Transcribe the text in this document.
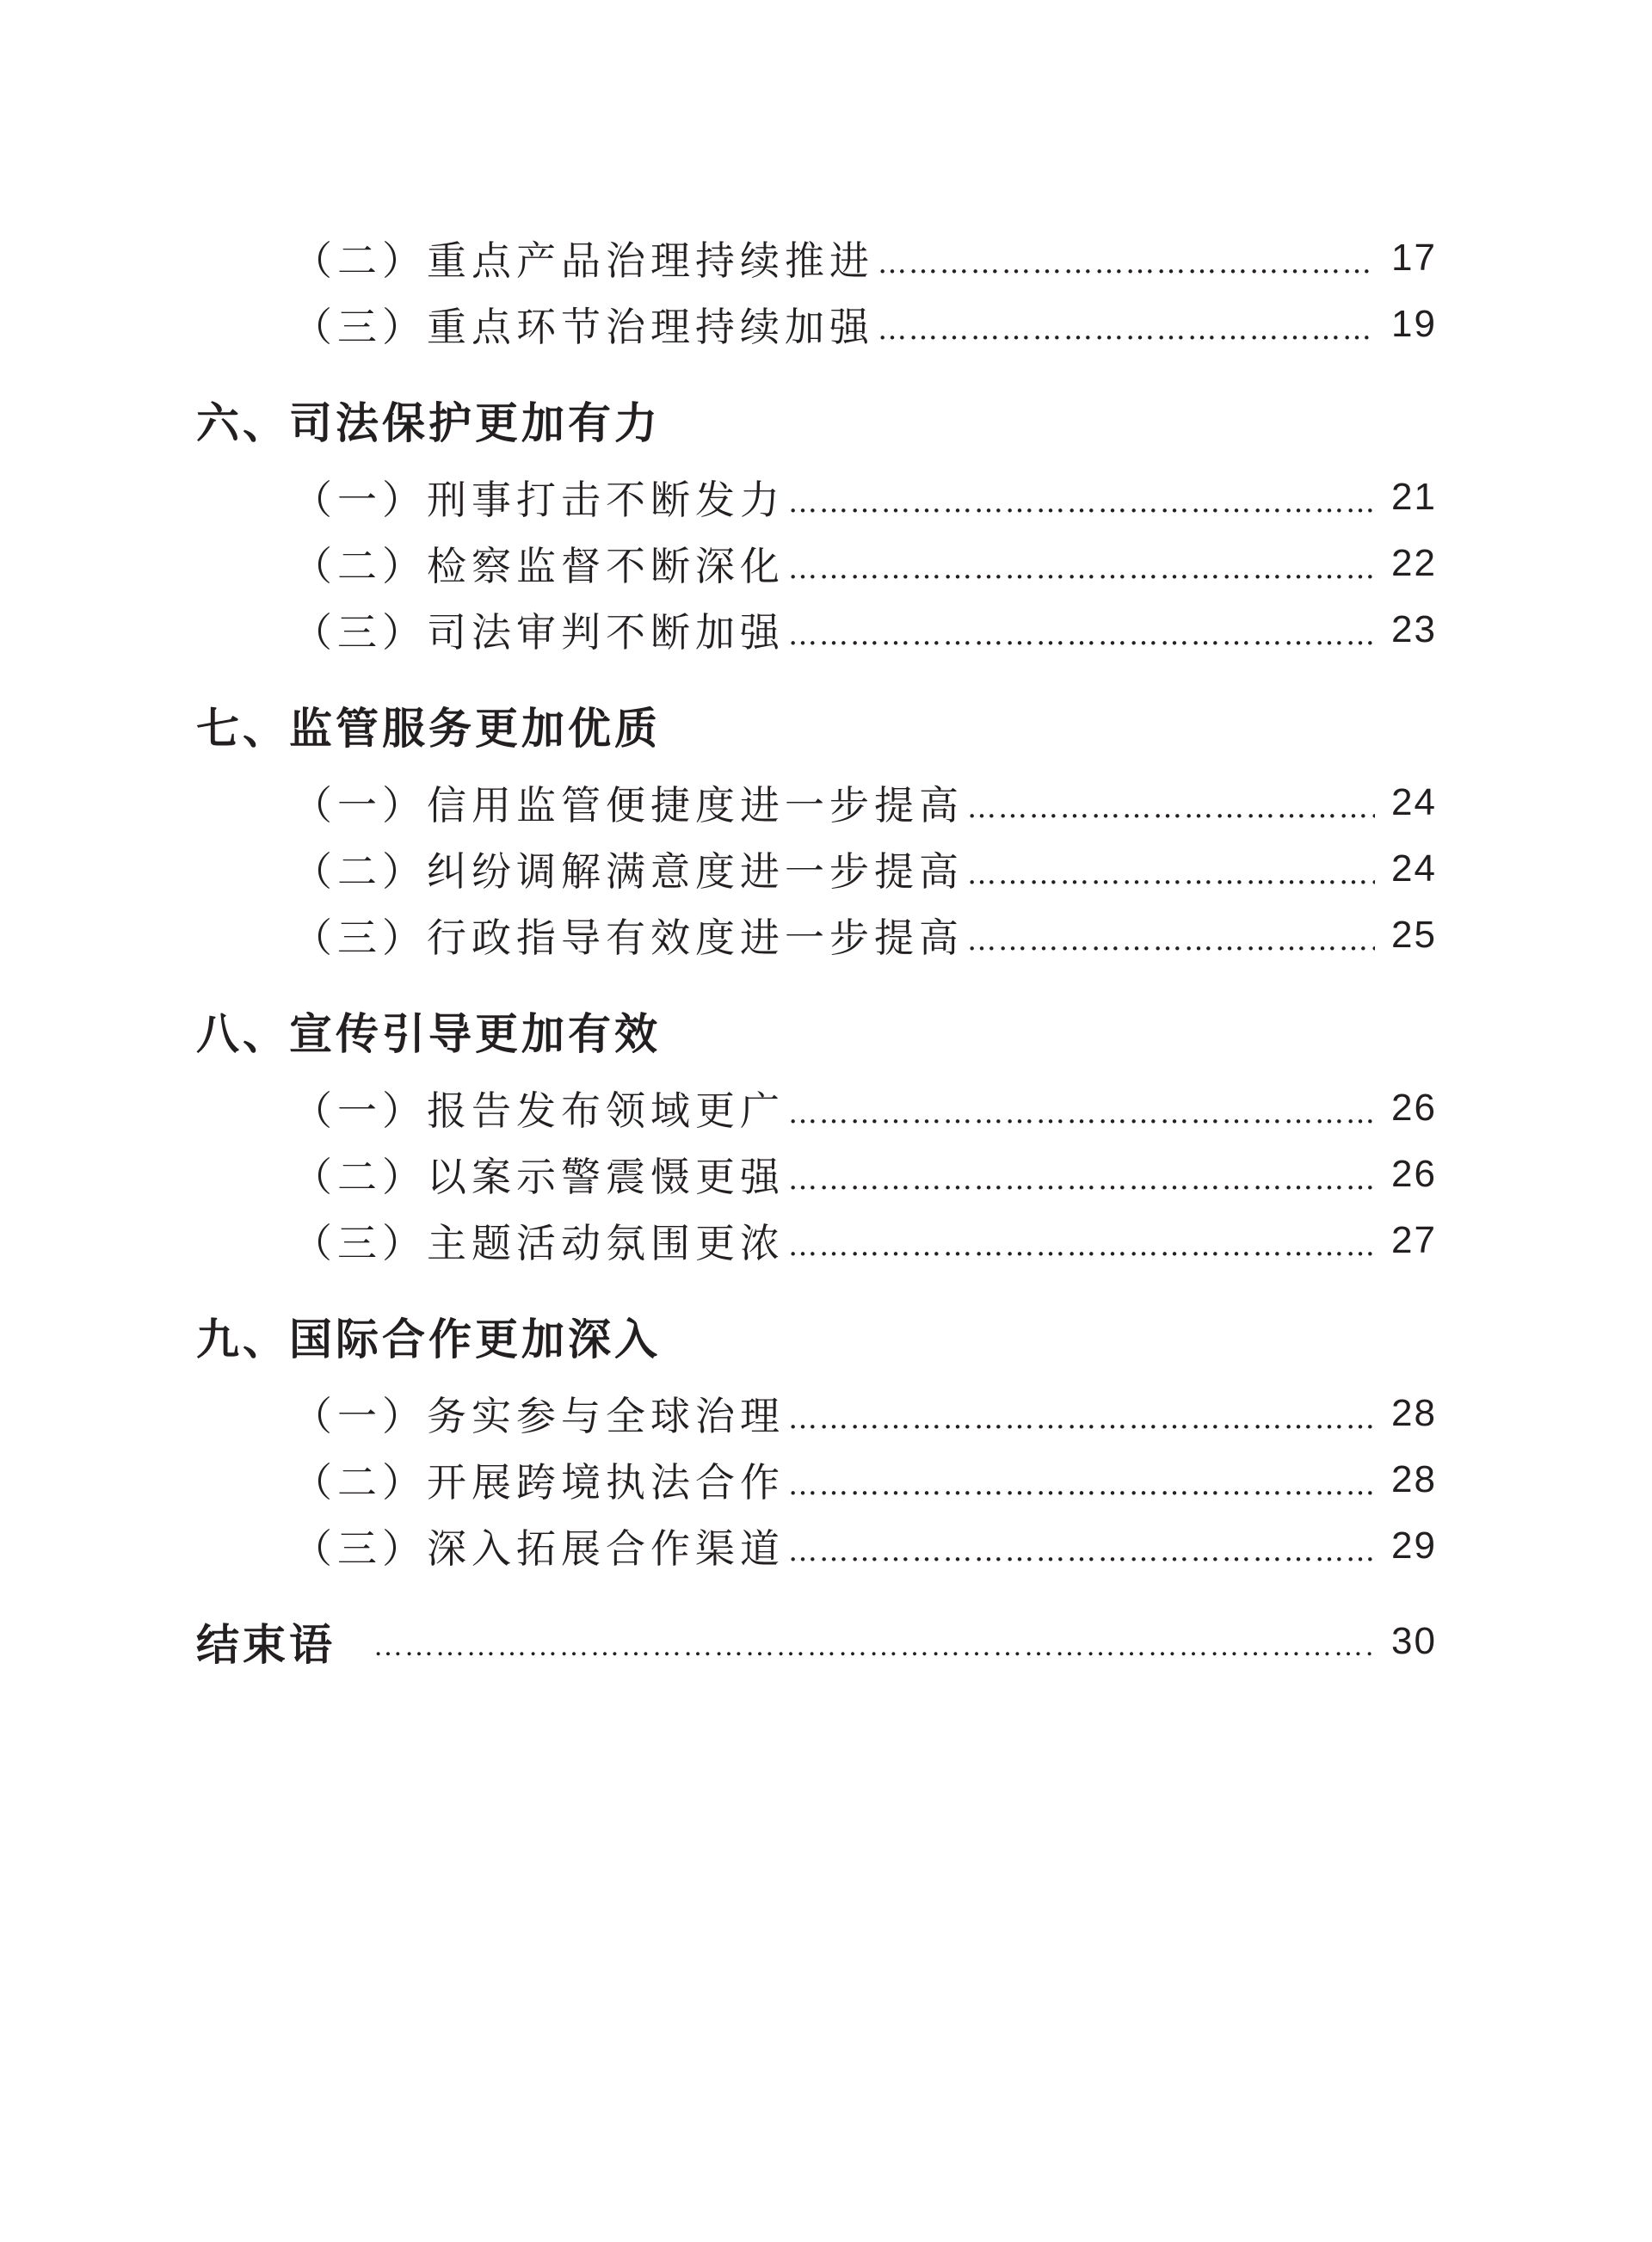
（二）重点产品治理持续推进 …………………………………………………………………………………………………………………………………………………………………	17
（三）重点环节治理持续加强 …………………………………………………………………………………………………………………………………………………………………	19
六、司法保护更加有力
（一）刑事打击不断发力 …………………………………………………………………………………………………………………………………………………………………	21
（二）检察监督不断深化 …………………………………………………………………………………………………………………………………………………………………	22
（三）司法审判不断加强 …………………………………………………………………………………………………………………………………………………………………	23
七、监管服务更加优质
（一）信用监管便捷度进一步提高 …………………………………………………………………………………………………………………………………………………………………	24
（二）纠纷调解满意度进一步提高 …………………………………………………………………………………………………………………………………………………………………	24
（三）行政指导有效度进一步提高 …………………………………………………………………………………………………………………………………………………………………	25
八、宣传引导更加有效
（一）报告发布领域更广 …………………………………………………………………………………………………………………………………………………………………	26
（二）以案示警震慑更强 …………………………………………………………………………………………………………………………………………………………………	26
（三）主题活动氛围更浓 …………………………………………………………………………………………………………………………………………………………………	27
九、国际合作更加深入
（一）务实参与全球治理 …………………………………………………………………………………………………………………………………………………………………	28
（二）开展跨境执法合作 …………………………………………………………………………………………………………………………………………………………………	28
（三）深入拓展合作渠道 …………………………………………………………………………………………………………………………………………………………………	29
结束语 …………………………………………………………………………………………………………………………………………………………………	30
